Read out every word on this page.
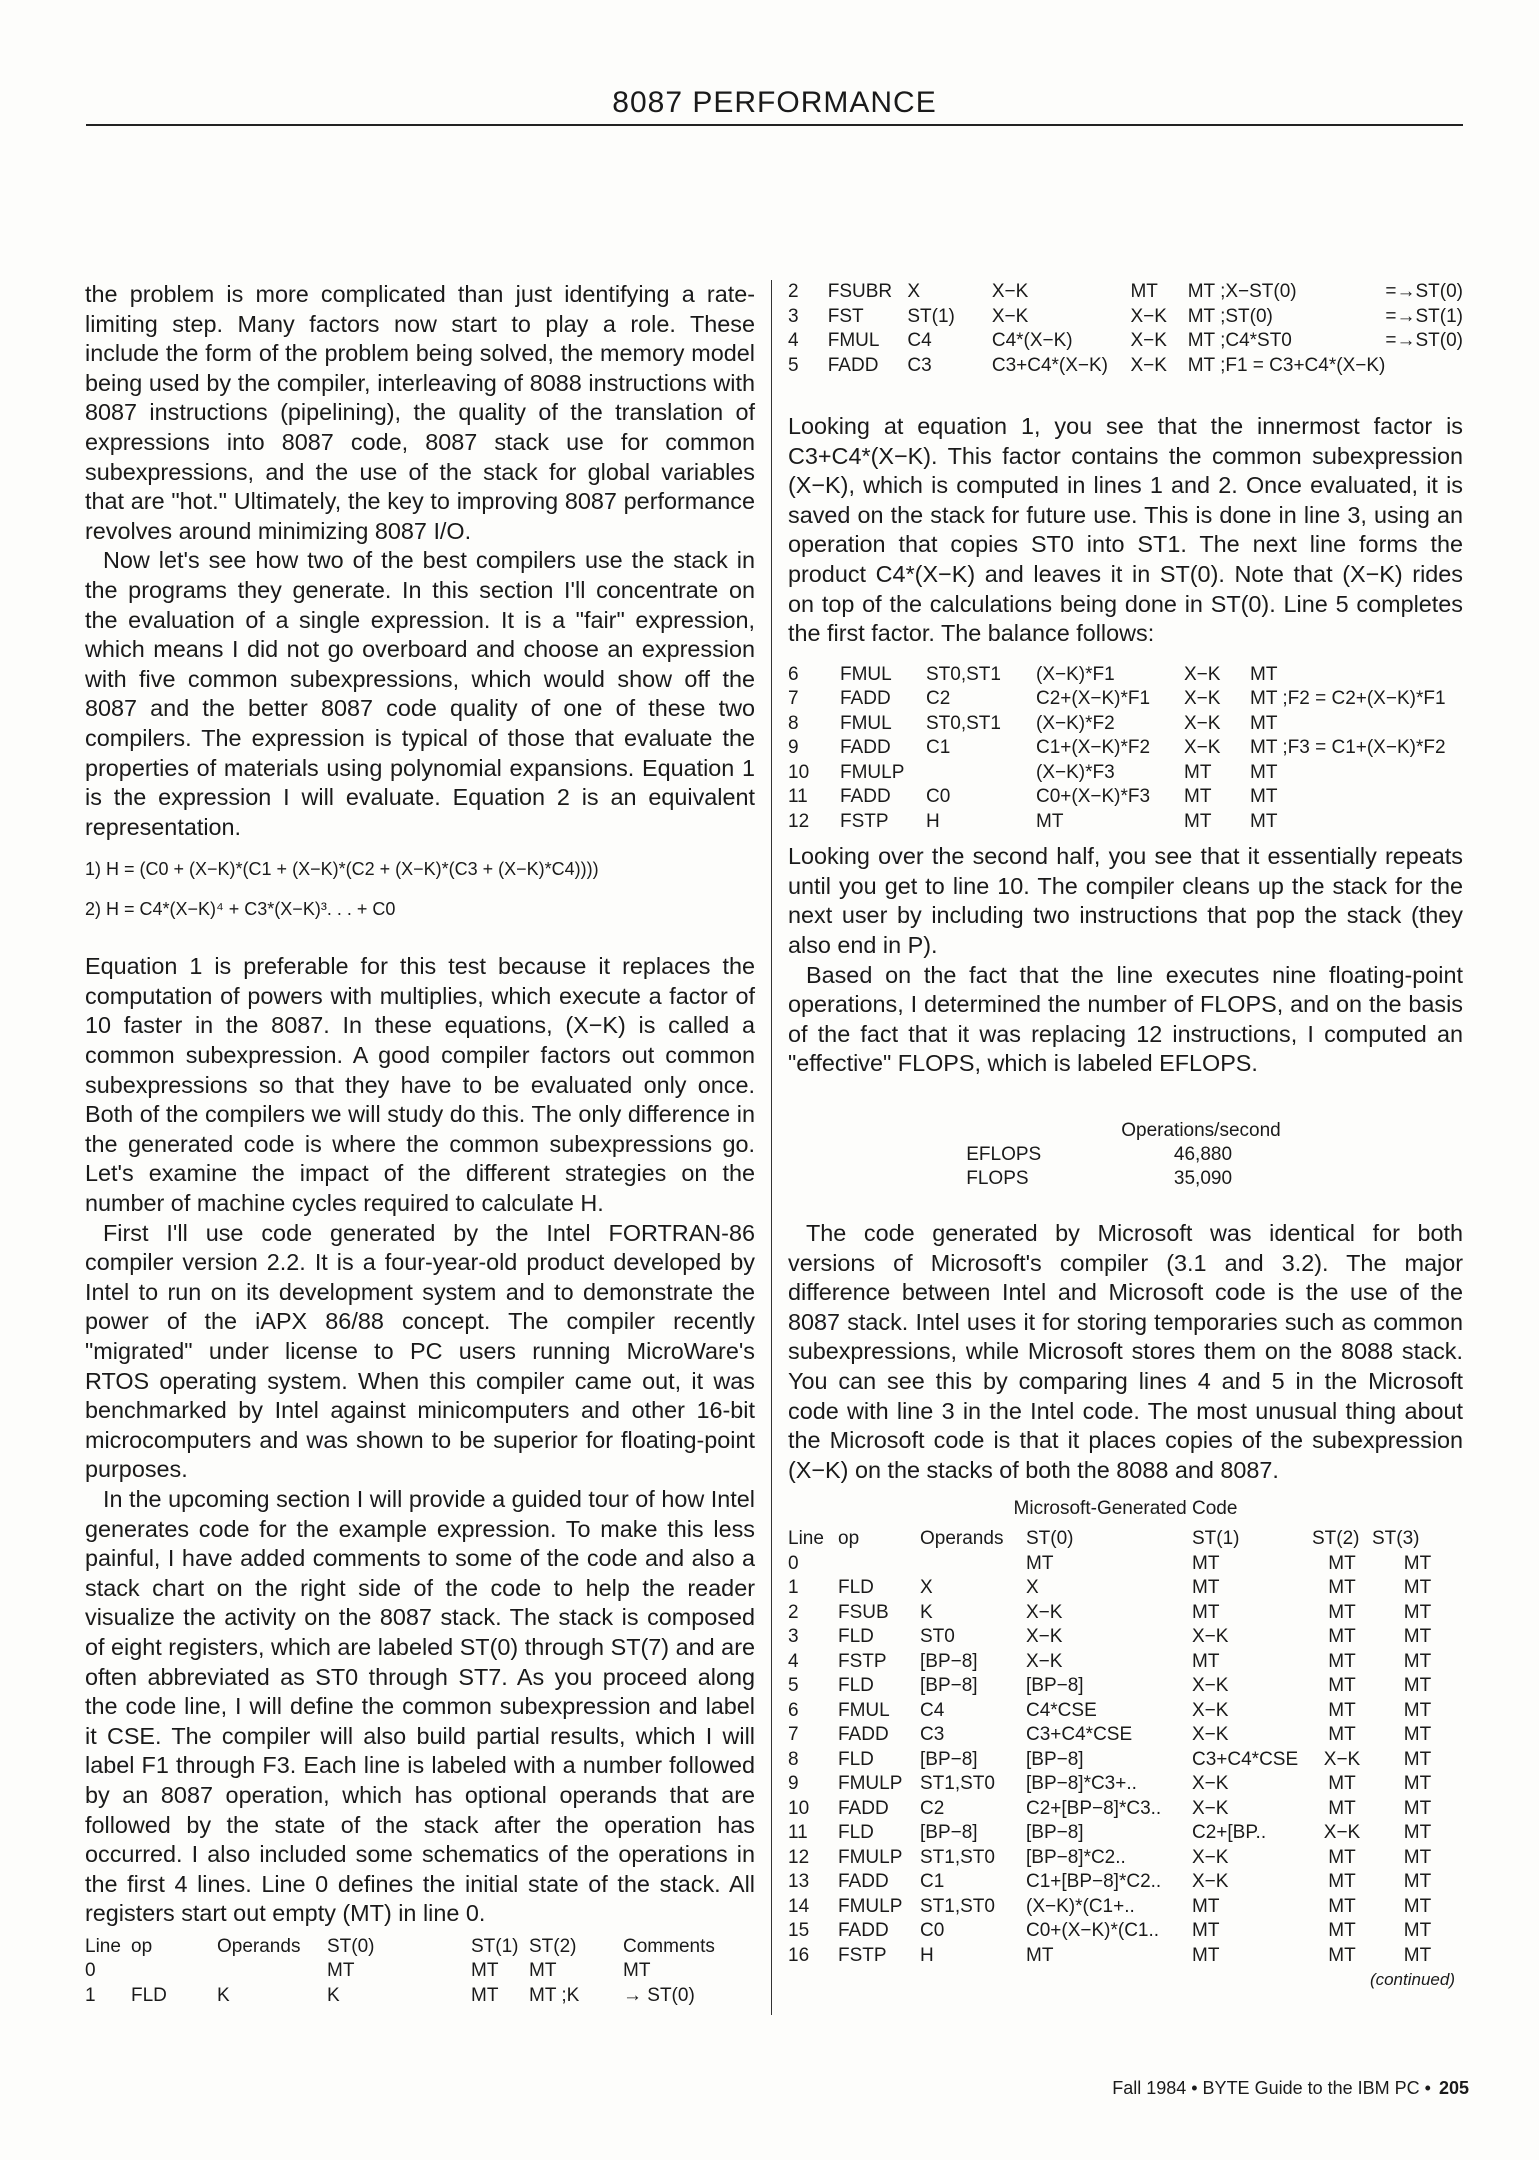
8087 PERFORMANCE

the problem is more complicated than just identifying a rate-limiting step. Many factors now start to play a role. These include the form of the problem being solved, the memory model being used by the compiler, interleaving of 8088 instructions with 8087 instructions (pipelining), the quality of the translation of expressions into 8087 code, 8087 stack use for common subexpressions, and the use of the stack for global variables that are "hot." Ultimately, the key to improving 8087 performance revolves around minimizing 8087 I/O.

Now let's see how two of the best compilers use the stack in the programs they generate. In this section I'll concentrate on the evaluation of a single expression. It is a "fair" expression, which means I did not go overboard and choose an expression with five common subexpressions, which would show off the 8087 and the better 8087 code quality of one of these two compilers. The expression is typical of those that evaluate the properties of materials using polynomial expansions. Equation 1 is the expression I will evaluate. Equation 2 is an equivalent representation.

1) H = (C0 + (X−K)*(C1 + (X−K)*(C2 + (X−K)*(C3 + (X−K)*C4))))

2) H = C4*(X−K)⁴ + C3*(X−K)³. . . + C0

Equation 1 is preferable for this test because it replaces the computation of powers with multiplies, which execute a factor of 10 faster in the 8087. In these equations, (X−K) is called a common subexpression. A good compiler factors out common subexpressions so that they have to be evaluated only once. Both of the compilers we will study do this. The only difference in the generated code is where the common subexpressions go. Let's examine the impact of the different strategies on the number of machine cycles required to calculate H.

First I'll use code generated by the Intel FORTRAN-86 compiler version 2.2. It is a four-year-old product developed by Intel to run on its development system and to demonstrate the power of the iAPX 86/88 concept. The compiler recently "migrated" under license to PC users running MicroWare's RTOS operating system. When this compiler came out, it was benchmarked by Intel against minicomputers and other 16-bit microcomputers and was shown to be superior for floating-point purposes.

In the upcoming section I will provide a guided tour of how Intel generates code for the example expression. To make this less painful, I have added comments to some of the code and also a stack chart on the right side of the code to help the reader visualize the activity on the 8087 stack. The stack is composed of eight registers, which are labeled ST(0) through ST(7) and are often abbreviated as ST0 through ST7. As you proceed along the code line, I will define the common subexpression and label it CSE. The compiler will also build partial results, which I will label F1 through F3. Each line is labeled with a number followed by an 8087 operation, which has optional operands that are followed by the state of the stack after the operation has occurred. I also included some schematics of the operations in the first 4 lines. Line 0 defines the initial state of the stack. All registers start out empty (MT) in line 0.

Line	op	Operands	ST(0)	ST(1)	ST(2)	Comments
0			MT	MT	MT	MT
1	FLD	K	K	MT	MT ;K	→ ST(0)
2	FSUBR	X	X−K	MT	MT ;X−ST(0)	=→ST(0)
3	FST	ST(1)	X−K	X−K	MT ;ST(0)	=→ST(1)
4	FMUL	C4	C4*(X−K)	X−K	MT ;C4*ST0	=→ST(0)
5	FADD	C3	C3+C4*(X−K)	X−K	MT ;F1 = C3+C4*(X−K)	

Looking at equation 1, you see that the innermost factor is C3+C4*(X−K). This factor contains the common subexpression (X−K), which is computed in lines 1 and 2. Once evaluated, it is saved on the stack for future use. This is done in line 3, using an operation that copies ST0 into ST1. The next line forms the product C4*(X−K) and leaves it in ST(0). Note that (X−K) rides on top of the calculations being done in ST(0). Line 5 completes the first factor. The balance follows:

6	FMUL	ST0,ST1	(X−K)*F1	X−K	MT
7	FADD	C2	C2+(X−K)*F1	X−K	MT ;F2 = C2+(X−K)*F1
8	FMUL	ST0,ST1	(X−K)*F2	X−K	MT
9	FADD	C1	C1+(X−K)*F2	X−K	MT ;F3 = C1+(X−K)*F2
10	FMULP		(X−K)*F3	MT	MT
11	FADD	C0	C0+(X−K)*F3	MT	MT
12	FSTP	H	MT	MT	MT

Looking over the second half, you see that it essentially repeats until you get to line 10. The compiler cleans up the stack for the next user by including two instructions that pop the stack (they also end in P).

Based on the fact that the line executes nine floating-point operations, I determined the number of FLOPS, and on the basis of the fact that it was replacing 12 instructions, I computed an "effective" FLOPS, which is labeled EFLOPS.

	Operations/second
EFLOPS	46,880
FLOPS	35,090

The code generated by Microsoft was identical for both versions of Microsoft's compiler (3.1 and 3.2). The major difference between Intel and Microsoft code is the use of the 8087 stack. Intel uses it for storing temporaries such as common subexpressions, while Microsoft stores them on the 8088 stack. You can see this by comparing lines 4 and 5 in the Microsoft code with line 3 in the Intel code. The most unusual thing about the Microsoft code is that it places copies of the subexpression (X−K) on the stacks of both the 8088 and 8087.

Microsoft-Generated Code
Line	op	Operands	ST(0)	ST(1)	ST(2)	ST(3)
0			MT	MT	MT	MT
1	FLD	X	X	MT	MT	MT
2	FSUB	K	X−K	MT	MT	MT
3	FLD	ST0	X−K	X−K	MT	MT
4	FSTP	[BP−8]	X−K	MT	MT	MT
5	FLD	[BP−8]	[BP−8]	X−K	MT	MT
6	FMUL	C4	C4*CSE	X−K	MT	MT
7	FADD	C3	C3+C4*CSE	X−K	MT	MT
8	FLD	[BP−8]	[BP−8]	C3+C4*CSE	X−K	MT
9	FMULP	ST1,ST0	[BP−8]*C3+..	X−K	MT	MT
10	FADD	C2	C2+[BP−8]*C3..	X−K	MT	MT
11	FLD	[BP−8]	[BP−8]	C2+[BP..	X−K	MT
12	FMULP	ST1,ST0	[BP−8]*C2..	X−K	MT	MT
13	FADD	C1	C1+[BP−8]*C2..	X−K	MT	MT
14	FMULP	ST1,ST0	(X−K)*(C1+..	MT	MT	MT
15	FADD	C0	C0+(X−K)*(C1..	MT	MT	MT
16	FSTP	H	MT	MT	MT	MT
(continued)
Fall 1984 • BYTE Guide to the IBM PC • 205
